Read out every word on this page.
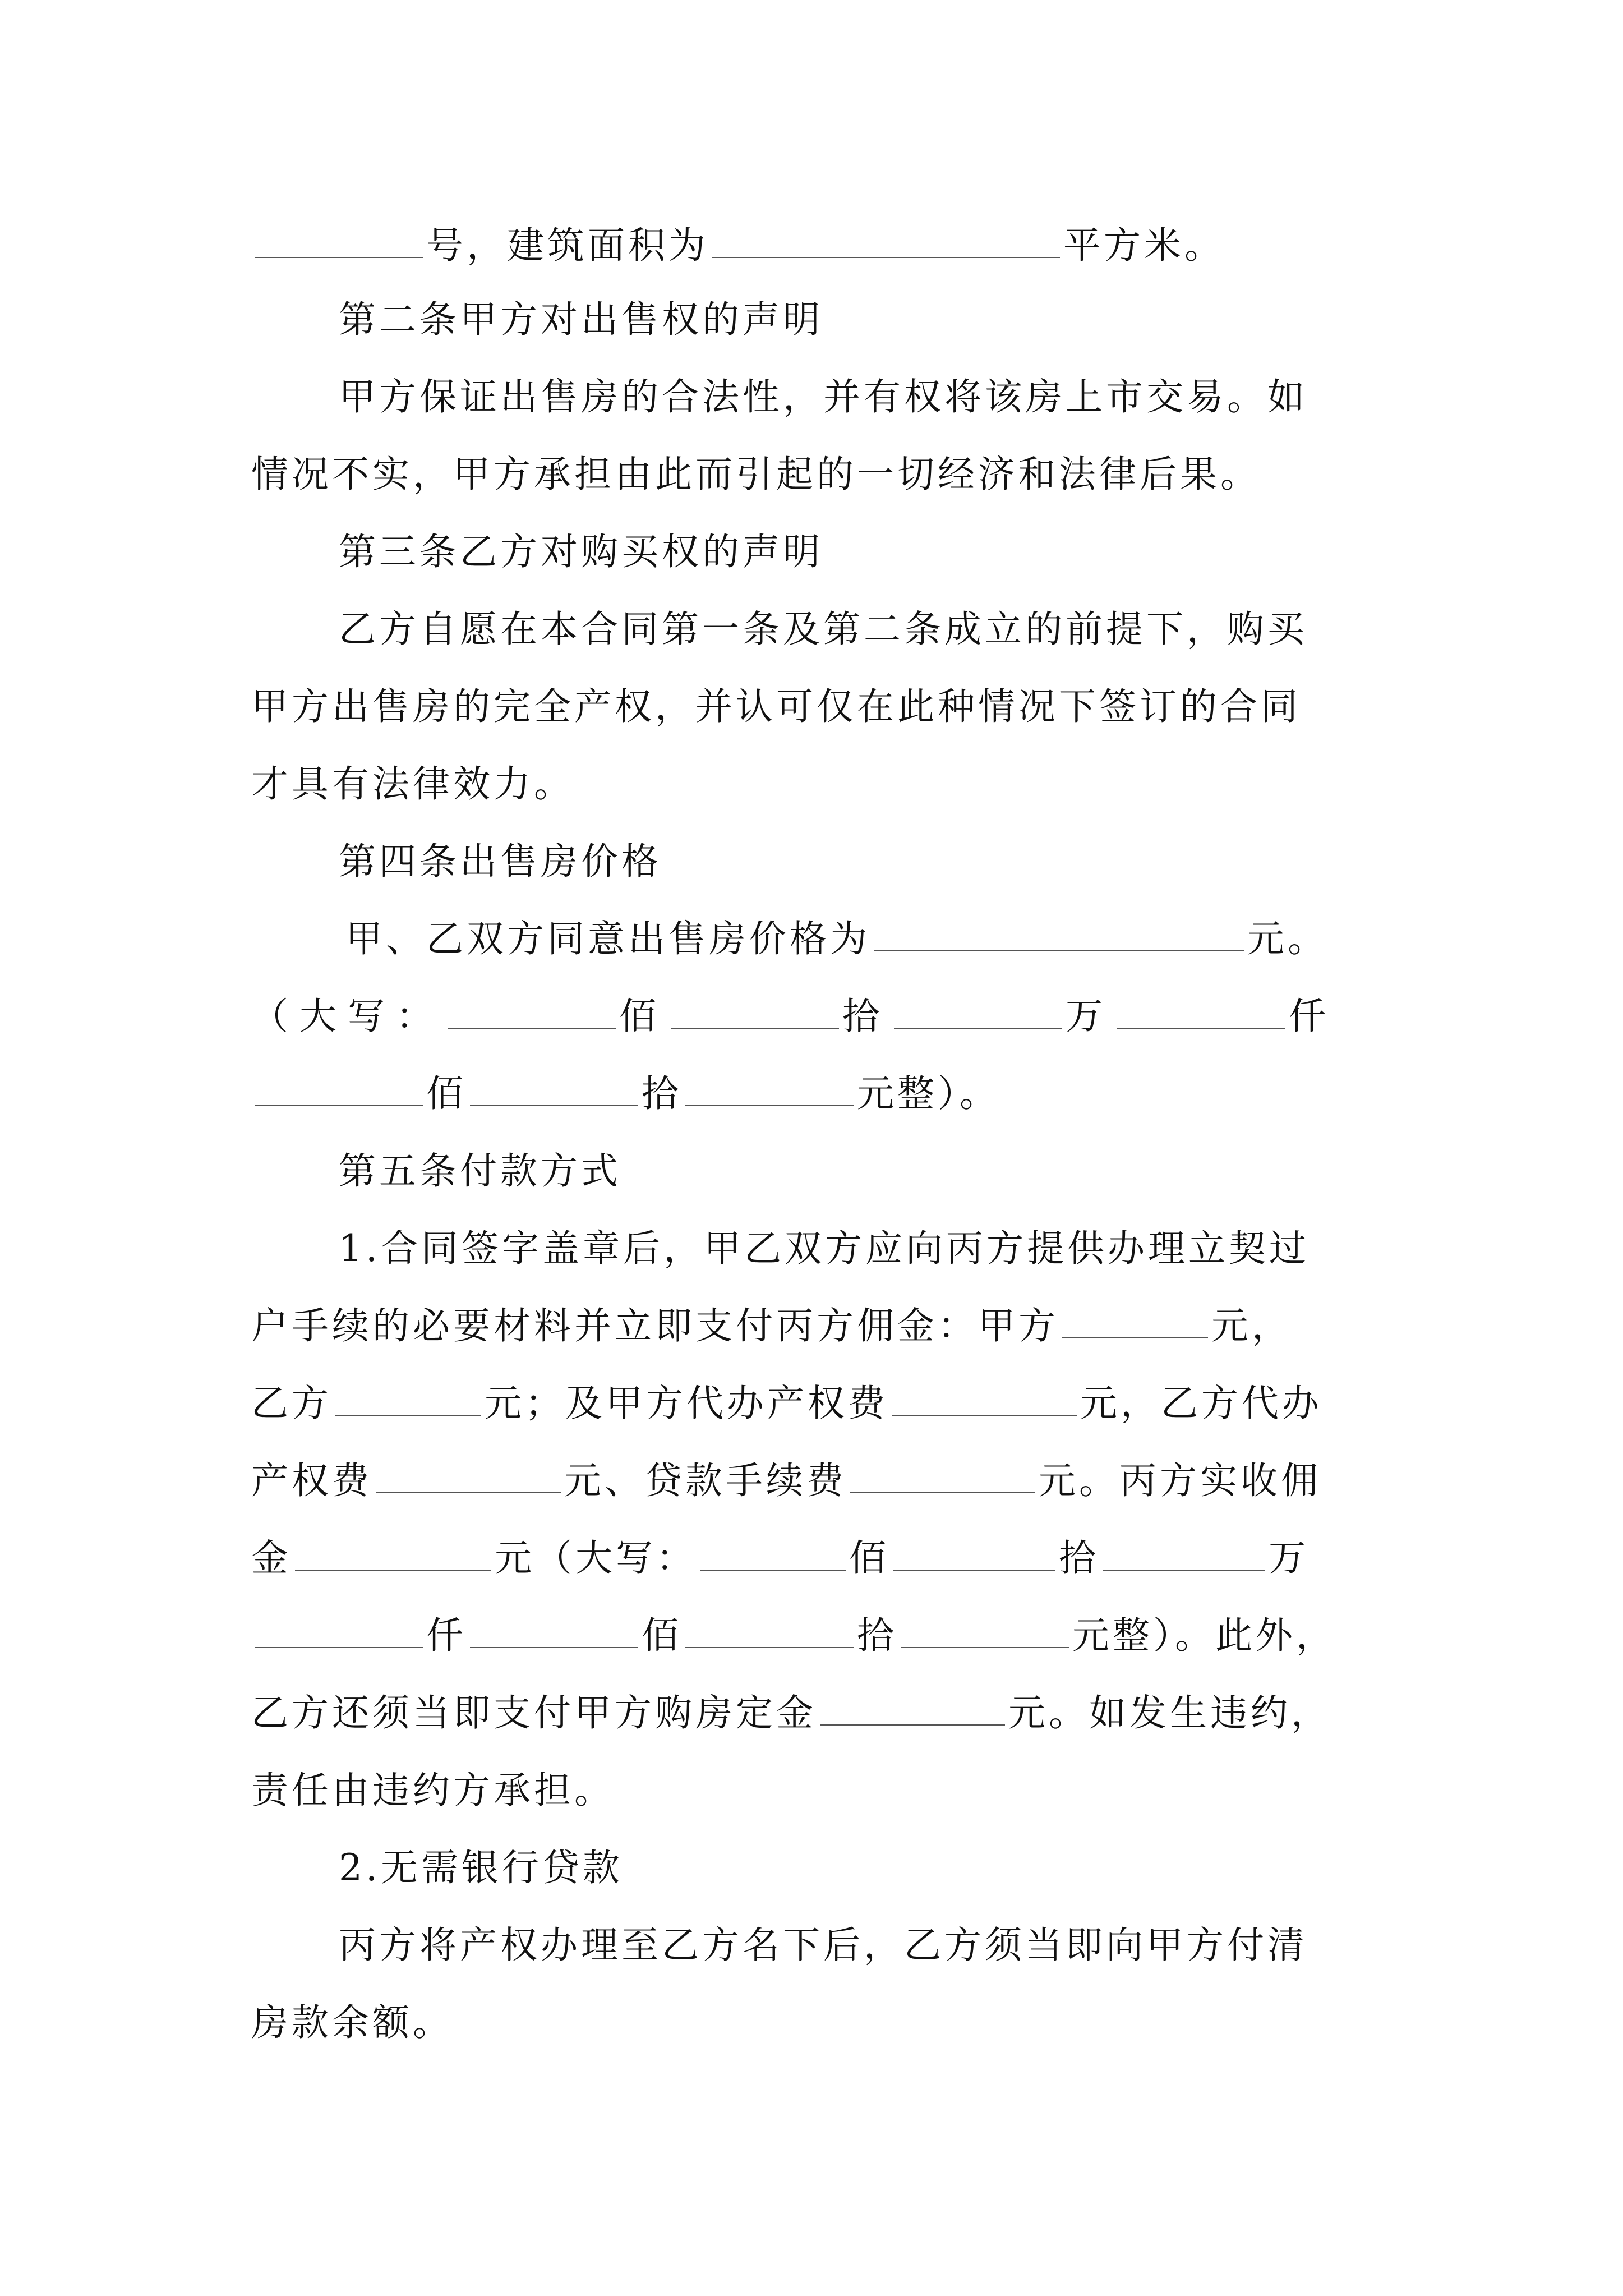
号，建筑面积为	平方米。
第二条甲方对出售权的声明
甲方保证出售房的合法性，并有权将该房上市交易。如
情况不实，甲方承担由此而引起的一切经济和法律后果。
第三条乙方对购买权的声明
乙方自愿在本合同第一条及第二条成立的前提下，购买
甲方出售房的完全产权，并认可仅在此种情况下签订的合同
才具有法律效力。
第四条出售房价格
甲、乙双方同意出售房价格为	元。
（大写：	佰	拾	万	仟
佰	拾	元整）。
第五条付款方式
1.合同签字盖章后，甲乙双方应向丙方提供办理立契过
户手续的必要材料并立即支付丙方佣金：甲方	元，
乙方	元；及甲方代办产权费	元，乙方代办
产权费	元、贷款手续费	元。丙方实收佣
金	元（大写：	佰	拾	万
仟	佰	拾	元整）。此外，
乙方还须当即支付甲方购房定金	元。如发生违约，
责任由违约方承担。
2.无需银行贷款
丙方将产权办理至乙方名下后，乙方须当即向甲方付清
房款余额。
